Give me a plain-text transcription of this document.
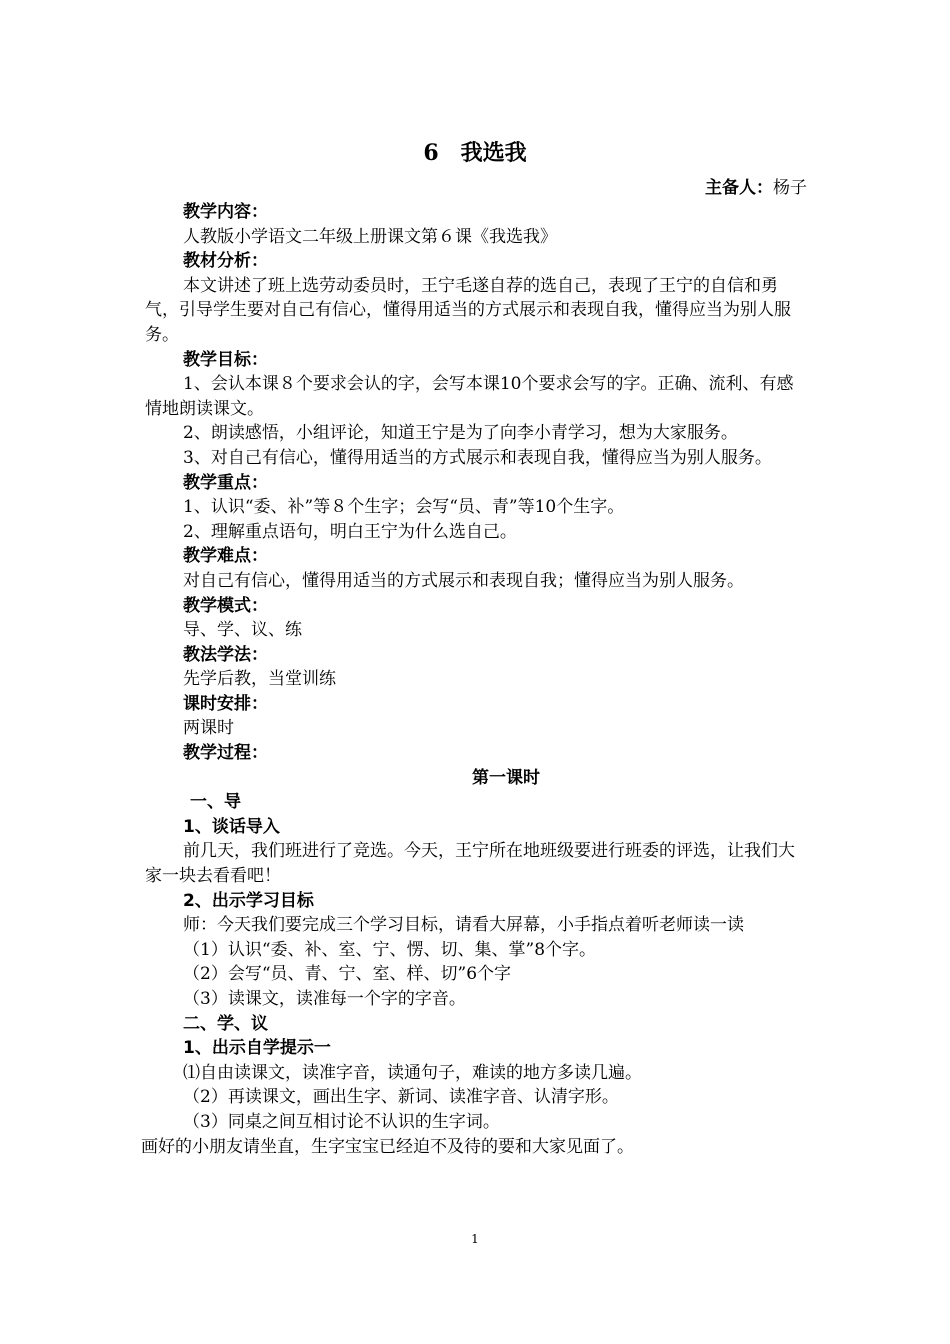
6 我选我
主备人：杨子
教学内容：
人教版小学语文二年级上册课文第６课《我选我》
教材分析：
本文讲述了班上选劳动委员时，王宁毛遂自荐的选自己，表现了王宁的自信和勇气，引导学生要对自己有信心，懂得用适当的方式展示和表现自我，懂得应当为别人服务。
教学目标：
1、会认本课８个要求会认的字，会写本课10个要求会写的字。正确、流利、有感情地朗读课文。
2、朗读感悟，小组评论，知道王宁是为了向李小青学习，想为大家服务。
3、对自己有信心，懂得用适当的方式展示和表现自我，懂得应当为别人服务。
教学重点：
1、认识“委、补”等８个生字；会写“员、青”等10个生字。
2、理解重点语句，明白王宁为什么选自己。
教学难点：
对自己有信心，懂得用适当的方式展示和表现自我；懂得应当为别人服务。
教学模式：
导、学、议、练
教法学法：
先学后教，当堂训练
课时安排：
两课时
教学过程：
第一课时
一、导
1、谈话导入
前几天，我们班进行了竞选。今天，王宁所在地班级要进行班委的评选，让我们大家一块去看看吧！
2、出示学习目标
师：今天我们要完成三个学习目标，请看大屏幕，小手指点着听老师读一读
（1）认识“委、补、室、宁、愣、切、集、掌”8个字。
（2）会写“员、青、宁、室、样、切”6个字
（3）读课文，读准每一个字的字音。
二、学、议
1、出示自学提示一
⑴自由读课文，读准字音，读通句子，难读的地方多读几遍。
（2）再读课文，画出生字、新词、读准字音、认清字形。
（3）同桌之间互相讨论不认识的生字词。
画好的小朋友请坐直，生字宝宝已经迫不及待的要和大家见面了。
1
